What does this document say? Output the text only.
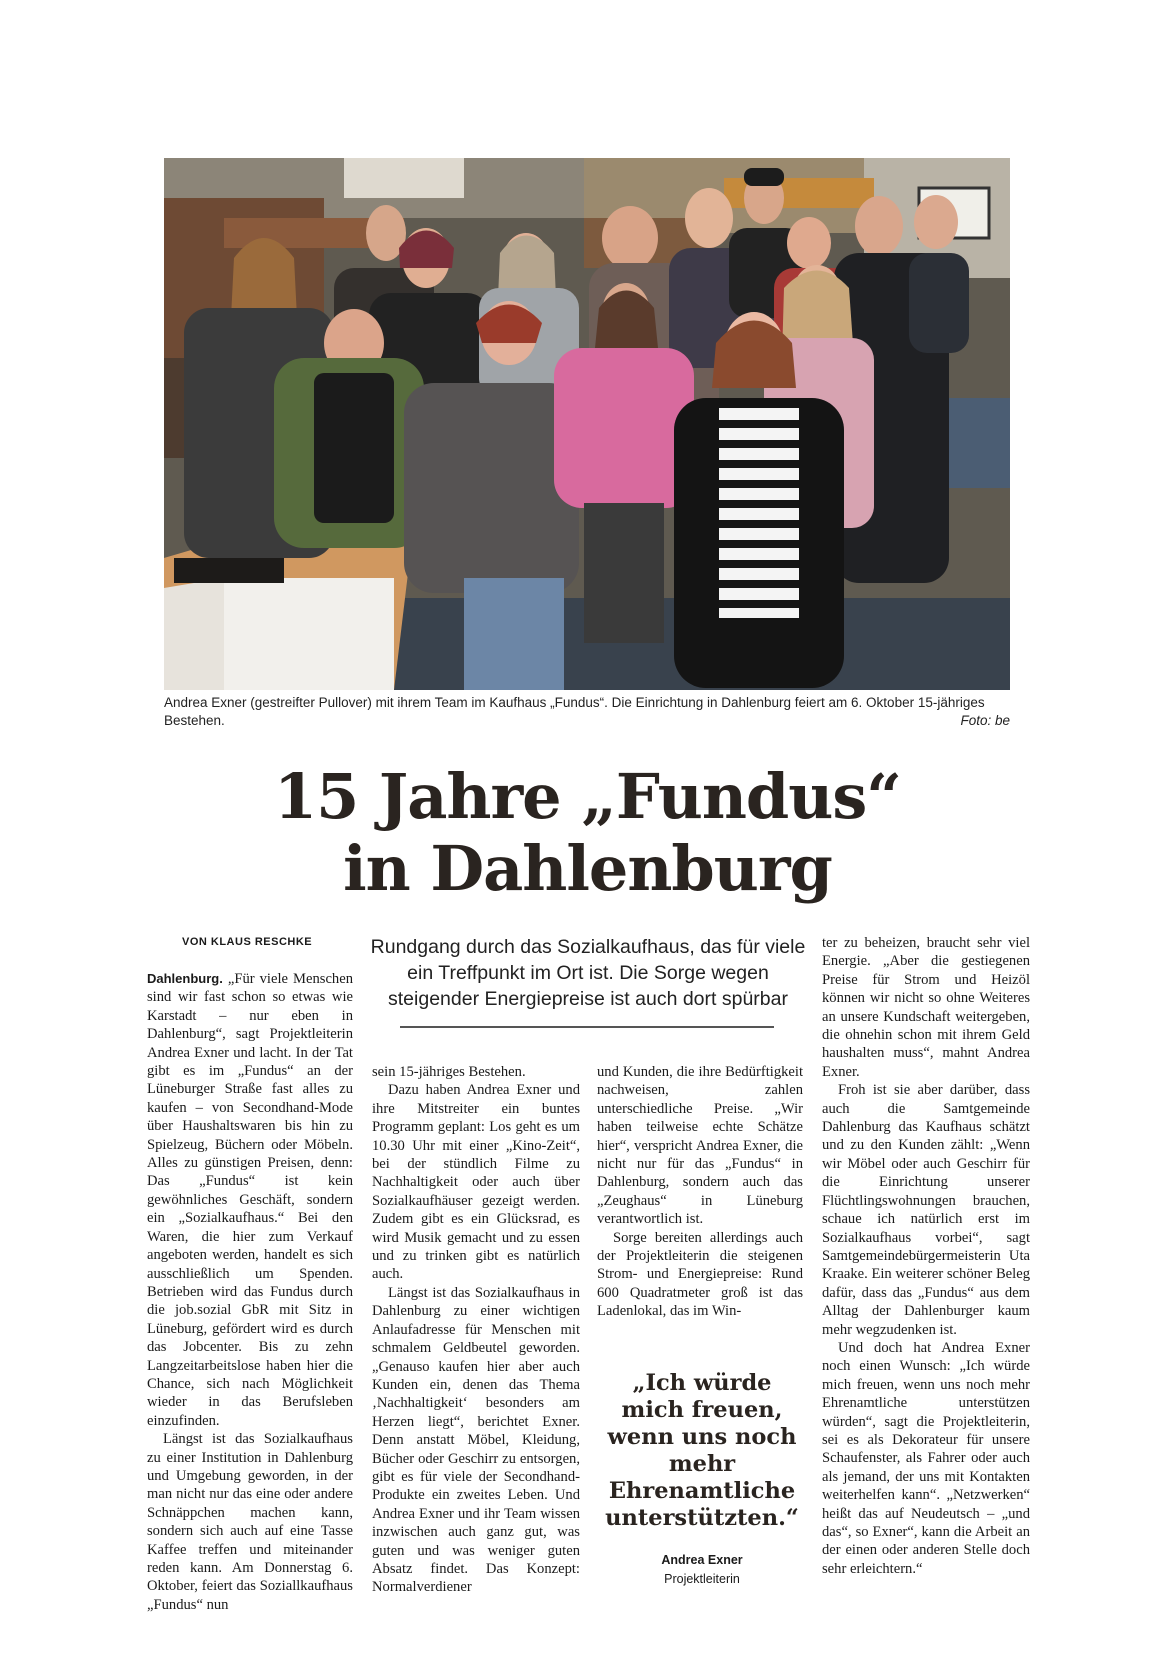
Andrea Exner (gestreifter Pullover) mit ihrem Team im Kaufhaus „Fundus“. Die Einrichtung in Dahlenburg feiert am 6. Oktober 15-jähriges Bestehen.	Foto: be
15 Jahre „Fundus“
in Dahlenburg
VON KLAUS RESCHKE	Rundgang durch das Sozialkaufhaus, das für viele ein Treffpunkt im Ort ist. Die Sorge wegen steigender Energiepreise ist auch dort spürbar

Dahlenburg. „Für viele Menschen sind wir fast schon so etwas wie Karstadt – nur eben in Dahlenburg“, sagt Projektleiterin Andrea Exner und lacht. In der Tat gibt es im „Fundus“ an der Lüneburger Straße fast alles zu kaufen – von Secondhand-Mode über Haushaltswaren bis hin zu Spielzeug, Büchern oder Möbeln. Alles zu günstigen Preisen, denn: Das „Fundus“ ist kein gewöhnliches Geschäft, sondern ein „Sozialkaufhaus.“ Bei den Waren, die hier zum Verkauf angeboten werden, handelt es sich ausschließlich um Spenden. Betrieben wird das Fundus durch die job.sozial GbR mit Sitz in Lüneburg, gefördert wird es durch das Jobcenter. Bis zu zehn Langzeitarbeitslose haben hier die Chance, sich nach Möglichkeit wieder in das Berufsleben einzufinden.

Längst ist das Sozialkaufhaus zu einer Institution in Dahlenburg und Umgebung geworden, in der man nicht nur das eine oder andere Schnäppchen machen kann, sondern sich auch auf eine Tasse Kaffee treffen und miteinander reden kann. Am Donnerstag 6. Oktober, feiert das Soziallkaufhaus „Fundus“ nun

sein 15-jähriges Bestehen.

Dazu haben Andrea Exner und ihre Mitstreiter ein buntes Programm geplant: Los geht es um 10.30 Uhr mit einer „Kino-Zeit“, bei der stündlich Filme zu Nachhaltigkeit oder auch über Sozialkaufhäuser gezeigt werden. Zudem gibt es ein Glücksrad, es wird Musik gemacht und zu essen und zu trinken gibt es natürlich auch.

Längst ist das Sozialkaufhaus in Dahlenburg zu einer wichtigen Anlaufadresse für Menschen mit schmalem Geldbeutel geworden. „Genauso kaufen hier aber auch Kunden ein, denen das Thema ‚Nachhaltigkeit‘ besonders am Herzen liegt“, berichtet Exner. Denn anstatt Möbel, Kleidung, Bücher oder Geschirr zu entsorgen, gibt es für viele der Secondhand-Produkte ein zweites Leben. Und Andrea Exner und ihr Team wissen inzwischen auch ganz gut, was guten und was weniger guten Absatz findet. Das Konzept: Normalverdiener

und Kunden, die ihre Bedürftigkeit nachweisen, zahlen unterschiedliche Preise. „Wir haben teilweise echte Schätze hier“, verspricht Andrea Exner, die nicht nur für das „Fundus“ in Dahlenburg, sondern auch das „Zeughaus“ in Lüneburg verantwortlich ist.

Sorge bereiten allerdings auch der Projektleiterin die steigenen Strom- und Energiepreise: Rund 600 Quadratmeter groß ist das Ladenlokal, das im Win-

„Ich würde mich freuen, wenn uns noch mehr Ehrenamtliche unterstützten.“
Andrea Exner
Projektleiterin

ter zu beheizen, braucht sehr viel Energie. „Aber die gestiegenen Preise für Strom und Heizöl können wir nicht so ohne Weiteres an unsere Kundschaft weitergeben, die ohnehin schon mit ihrem Geld haushalten muss“, mahnt Andrea Exner.

Froh ist sie aber darüber, dass auch die Samtgemeinde Dahlenburg das Kaufhaus schätzt und zu den Kunden zählt: „Wenn wir Möbel oder auch Geschirr für die Einrichtung unserer Flüchtlingswohnungen brauchen, schaue ich natürlich erst im Sozialkaufhaus vorbei“, sagt Samtgemeindebürgermeisterin Uta Kraake. Ein weiterer schöner Beleg dafür, dass das „Fundus“ aus dem Alltag der Dahlenburger kaum mehr wegzudenken ist.

Und doch hat Andrea Exner noch einen Wunsch: „Ich würde mich freuen, wenn uns noch mehr Ehrenamtliche unterstützen würden“, sagt die Projektleiterin, sei es als Dekorateur für unsere Schaufenster, als Fahrer oder auch als jemand, der uns mit Kontakten weiterhelfen kann“. „Netzwerken“ heißt das auf Neudeutsch – „und das“, so Exner“, kann die Arbeit an der einen oder anderen Stelle doch sehr erleichtern.“
